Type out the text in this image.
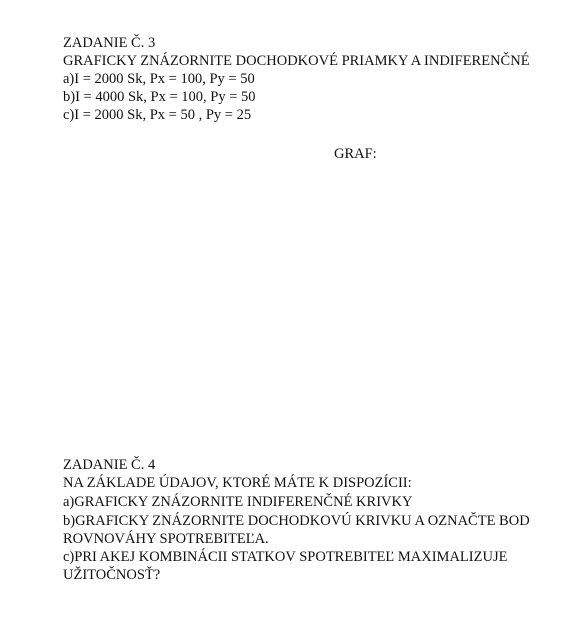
ZADANIE Č. 3

GRAFICKY ZNÁZORNITE DOCHODKOVÉ PRIAMKY A INDIFERENČNÉ

a)I = 2000 Sk, Px = 100, Py = 50

b)I = 4000 Sk, Px = 100, Py = 50

c)I = 2000 Sk, Px = 50 , Py = 25

GRAF:

ZADANIE Č. 4

NA ZÁKLADE ÚDAJOV, KTORÉ MÁTE K DISPOZÍCII:

a)GRAFICKY ZNÁZORNITE INDIFERENČNÉ KRIVKY

b)GRAFICKY ZNÁZORNITE DOCHODKOVÚ KRIVKU A OZNAČTE BOD

ROVNOVÁHY SPOTREBITEĽA.

c)PRI AKEJ KOMBINÁCII STATKOV SPOTREBITEĽ MAXIMALIZUJE

UŽITOČNOSŤ?
